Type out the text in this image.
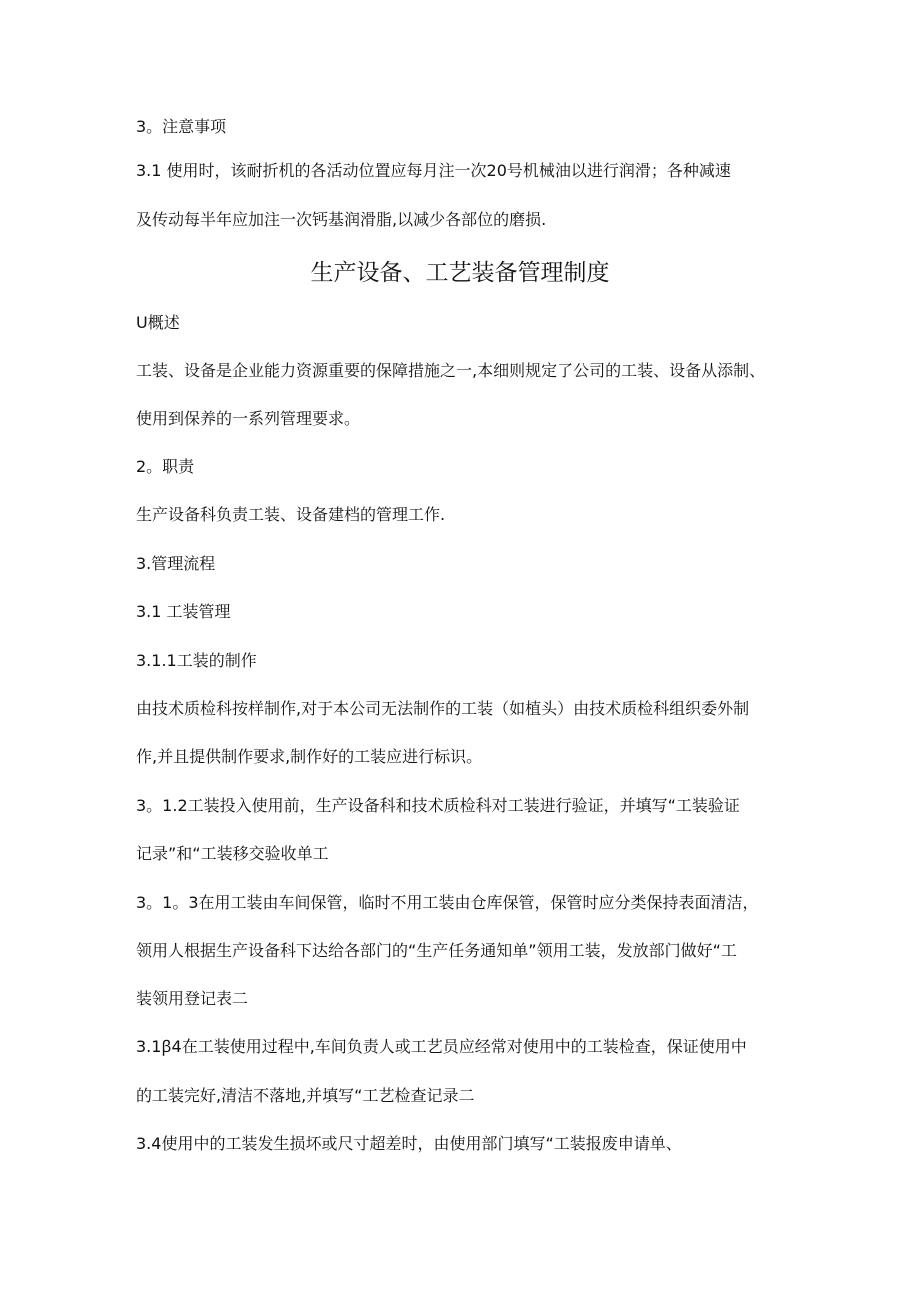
3。注意事项
3.1 使用时，该耐折机的各活动位置应每月注一次20号机械油以进行润滑；各种减速
及传动每半年应加注一次钙基润滑脂,以减少各部位的磨损.
生产设备、工艺装备管理制度
U概述
工装、设备是企业能力资源重要的保障措施之一,本细则规定了公司的工装、设备从添制、
使用到保养的一系列管理要求。
2。职责
生产设备科负责工装、设备建档的管理工作.
3.管理流程
3.1 工装管理
3.1.1工装的制作
由技术质检科按样制作,对于本公司无法制作的工装（如植头）由技术质检科组织委外制
作,并且提供制作要求,制作好的工装应进行标识。
3。1.2工装投入使用前，生产设备科和技术质检科对工装进行验证，并填写“工装验证
记录”和“工装移交验收单工
3。1。3在用工装由车间保管，临时不用工装由仓库保管，保管时应分类保持表面清洁，
领用人根据生产设备科下达给各部门的“生产任务通知单”领用工装，发放部门做好“工
装领用登记表二
3.1ꞵ4在工装使用过程中,车间负责人或工艺员应经常对使用中的工装检查，保证使用中
的工装完好,清洁不落地,并填写“工艺检查记录二
3.4使用中的工装发生损坏或尺寸超差时，由使用部门填写“工装报废申请单、
